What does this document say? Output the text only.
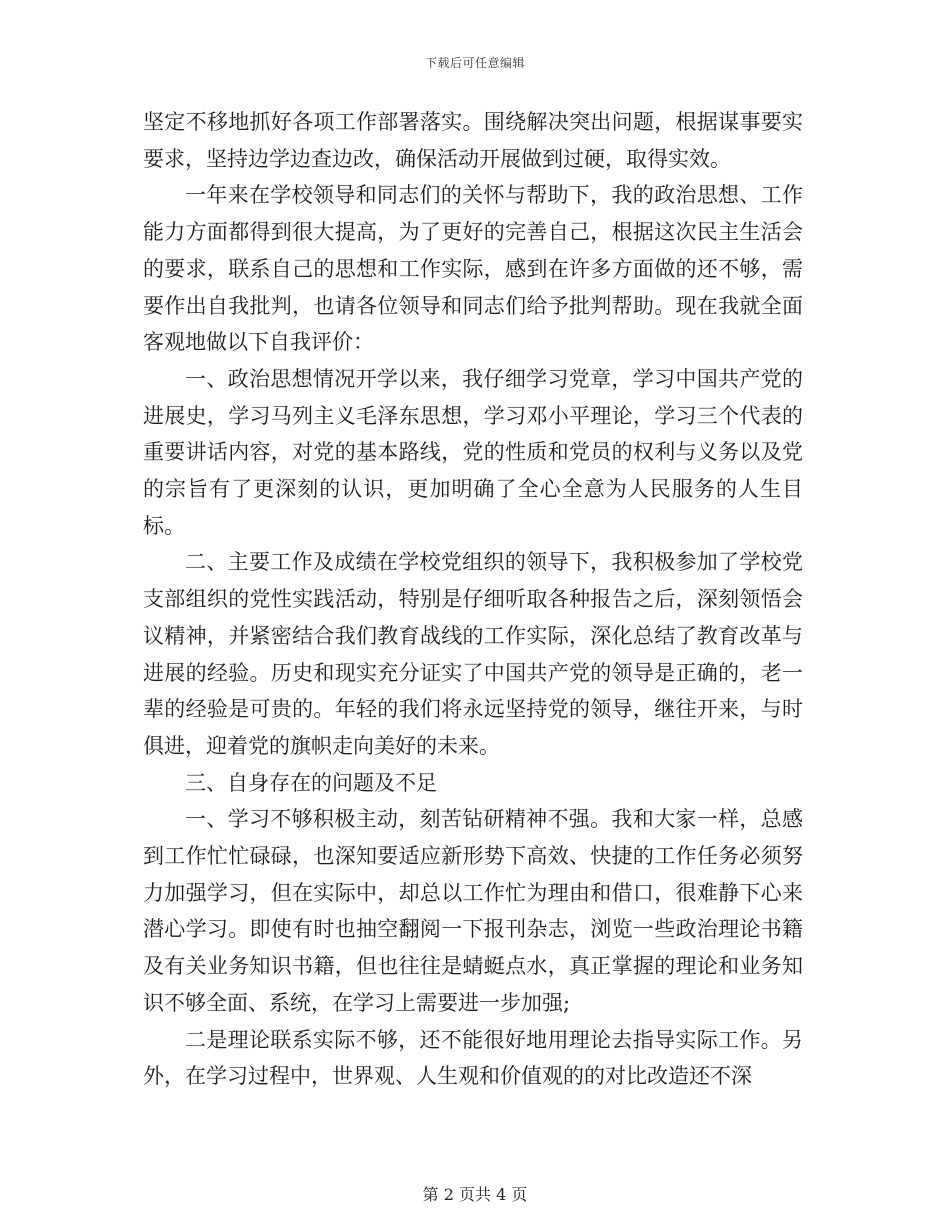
下载后可任意编辑

坚定不移地抓好各项工作部署落实。围绕解决突出问题，根据谋事要实要求，坚持边学边查边改，确保活动开展做到过硬，取得实效。

一年来在学校领导和同志们的关怀与帮助下，我的政治思想、工作能力方面都得到很大提高，为了更好的完善自己，根据这次民主生活会的要求，联系自己的思想和工作实际，感到在许多方面做的还不够，需要作出自我批判，也请各位领导和同志们给予批判帮助。现在我就全面客观地做以下自我评价：

一、政治思想情况开学以来，我仔细学习党章，学习中国共产党的进展史，学习马列主义毛泽东思想，学习邓小平理论，学习三个代表的重要讲话内容，对党的基本路线，党的性质和党员的权利与义务以及党的宗旨有了更深刻的认识，更加明确了全心全意为人民服务的人生目标。

二、主要工作及成绩在学校党组织的领导下，我积极参加了学校党支部组织的党性实践活动，特别是仔细听取各种报告之后，深刻领悟会议精神，并紧密结合我们教育战线的工作实际，深化总结了教育改革与进展的经验。历史和现实充分证实了中国共产党的领导是正确的，老一辈的经验是可贵的。年轻的我们将永远坚持党的领导，继往开来，与时俱进，迎着党的旗帜走向美好的未来。

三、自身存在的问题及不足

一、学习不够积极主动，刻苦钻研精神不强。我和大家一样，总感到工作忙忙碌碌，也深知要适应新形势下高效、快捷的工作任务必须努力加强学习，但在实际中，却总以工作忙为理由和借口，很难静下心来潜心学习。即使有时也抽空翻阅一下报刊杂志，浏览一些政治理论书籍及有关业务知识书籍，但也往往是蜻蜓点水，真正掌握的理论和业务知识不够全面、系统，在学习上需要进一步加强;

二是理论联系实际不够，还不能很好地用理论去指导实际工作。另外，在学习过程中，世界观、人生观和价值观的的对比改造还不深

第 2 页共 4 页
